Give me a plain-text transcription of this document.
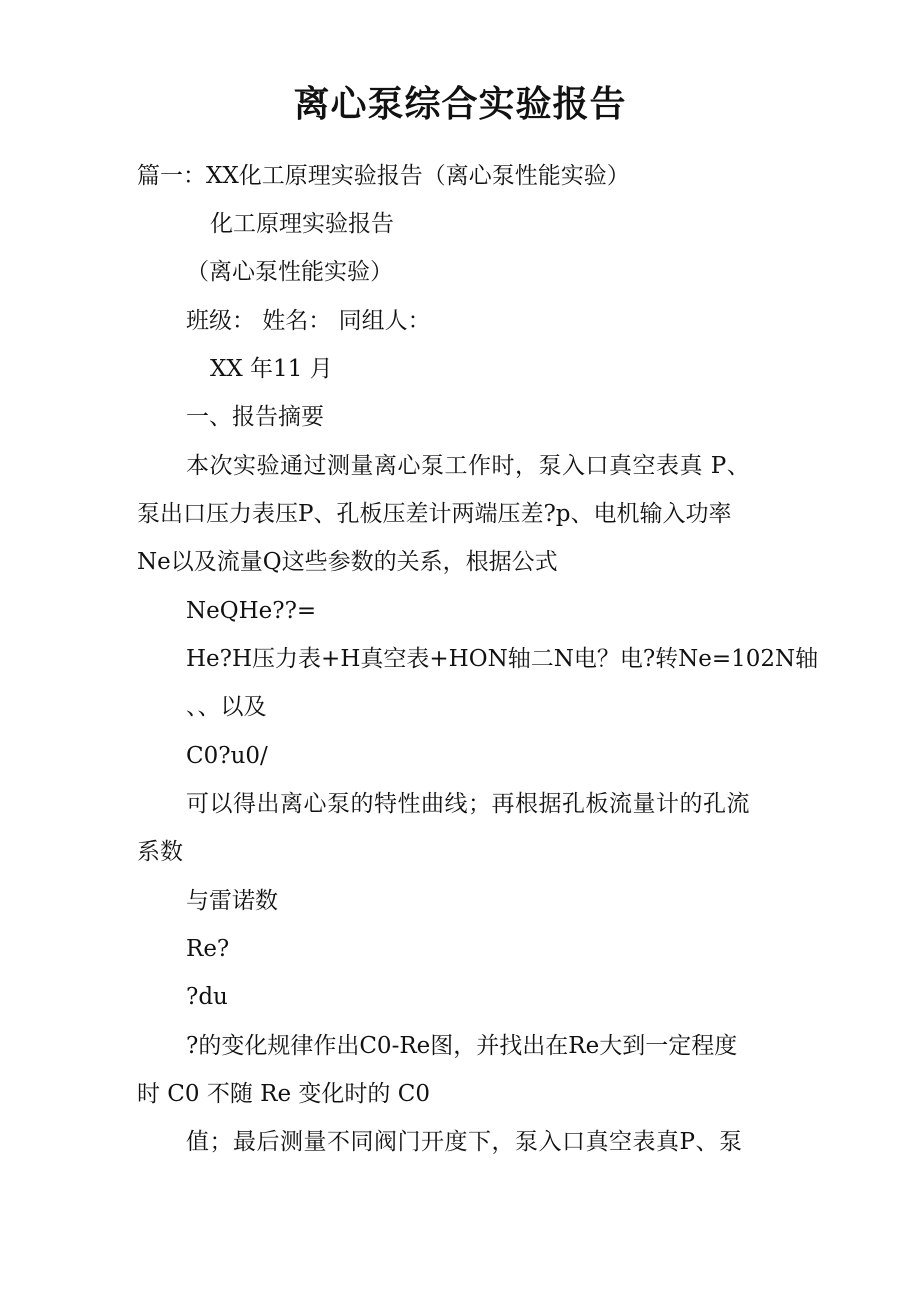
离心泵综合实验报告
篇一：XX化工原理实验报告（离心泵性能实验）
化工原理实验报告
（离心泵性能实验）
班级： 姓名： 同组人：
XX 年11 月
一、报告摘要
本次实验通过测量离心泵工作时，泵入口真空表真 P、
泵出口压力表压P、孔板压差计两端压差?p、电机输入功率
Ne以及流量Q这些参数的关系，根据公式
NeQHe??=
He?H压力表+H真空表+HON轴二N电？电?转Ne=102N轴
、、以及
C0?u0/
可以得出离心泵的特性曲线；再根据孔板流量计的孔流
系数
与雷诺数
Re?
?du
?的变化规律作出C0-Re图，并找出在Re大到一定程度
时 C0 不随 Re 变化时的 C0
值；最后测量不同阀门开度下，泵入口真空表真P、泵
